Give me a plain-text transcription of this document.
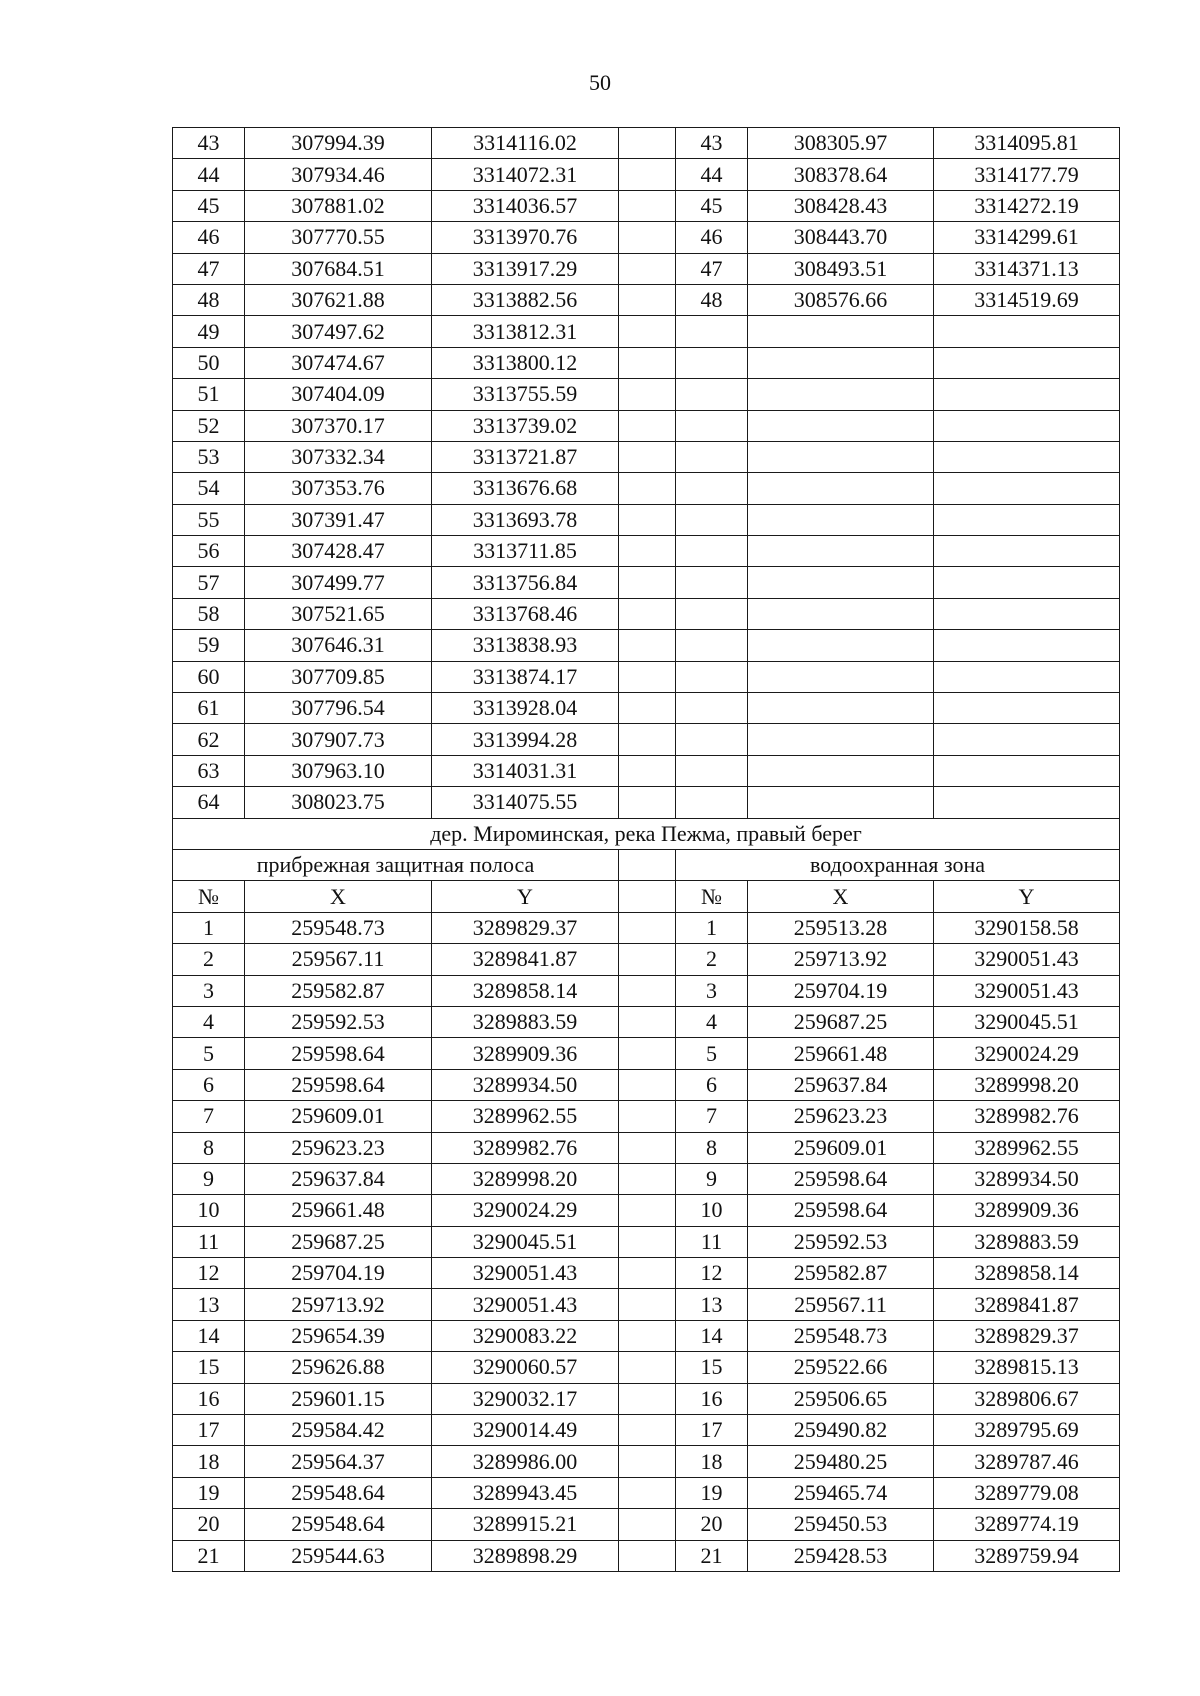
50
43	307994.39	3314116.02		43	308305.97	3314095.81
44	307934.46	3314072.31		44	308378.64	3314177.79
45	307881.02	3314036.57		45	308428.43	3314272.19
46	307770.55	3313970.76		46	308443.70	3314299.61
47	307684.51	3313917.29		47	308493.51	3314371.13
48	307621.88	3313882.56		48	308576.66	3314519.69
49	307497.62	3313812.31				
50	307474.67	3313800.12				
51	307404.09	3313755.59				
52	307370.17	3313739.02				
53	307332.34	3313721.87				
54	307353.76	3313676.68				
55	307391.47	3313693.78				
56	307428.47	3313711.85				
57	307499.77	3313756.84				
58	307521.65	3313768.46				
59	307646.31	3313838.93				
60	307709.85	3313874.17				
61	307796.54	3313928.04				
62	307907.73	3313994.28				
63	307963.10	3314031.31				
64	308023.75	3314075.55				
дер. Мироминская, река Пежма, правый берег						
прибрежная защитная полоса				водоохранная зона		
№	X	Y		№	X	Y
1	259548.73	3289829.37		1	259513.28	3290158.58
2	259567.11	3289841.87		2	259713.92	3290051.43
3	259582.87	3289858.14		3	259704.19	3290051.43
4	259592.53	3289883.59		4	259687.25	3290045.51
5	259598.64	3289909.36		5	259661.48	3290024.29
6	259598.64	3289934.50		6	259637.84	3289998.20
7	259609.01	3289962.55		7	259623.23	3289982.76
8	259623.23	3289982.76		8	259609.01	3289962.55
9	259637.84	3289998.20		9	259598.64	3289934.50
10	259661.48	3290024.29		10	259598.64	3289909.36
11	259687.25	3290045.51		11	259592.53	3289883.59
12	259704.19	3290051.43		12	259582.87	3289858.14
13	259713.92	3290051.43		13	259567.11	3289841.87
14	259654.39	3290083.22		14	259548.73	3289829.37
15	259626.88	3290060.57		15	259522.66	3289815.13
16	259601.15	3290032.17		16	259506.65	3289806.67
17	259584.42	3290014.49		17	259490.82	3289795.69
18	259564.37	3289986.00		18	259480.25	3289787.46
19	259548.64	3289943.45		19	259465.74	3289779.08
20	259548.64	3289915.21		20	259450.53	3289774.19
21	259544.63	3289898.29		21	259428.53	3289759.94
